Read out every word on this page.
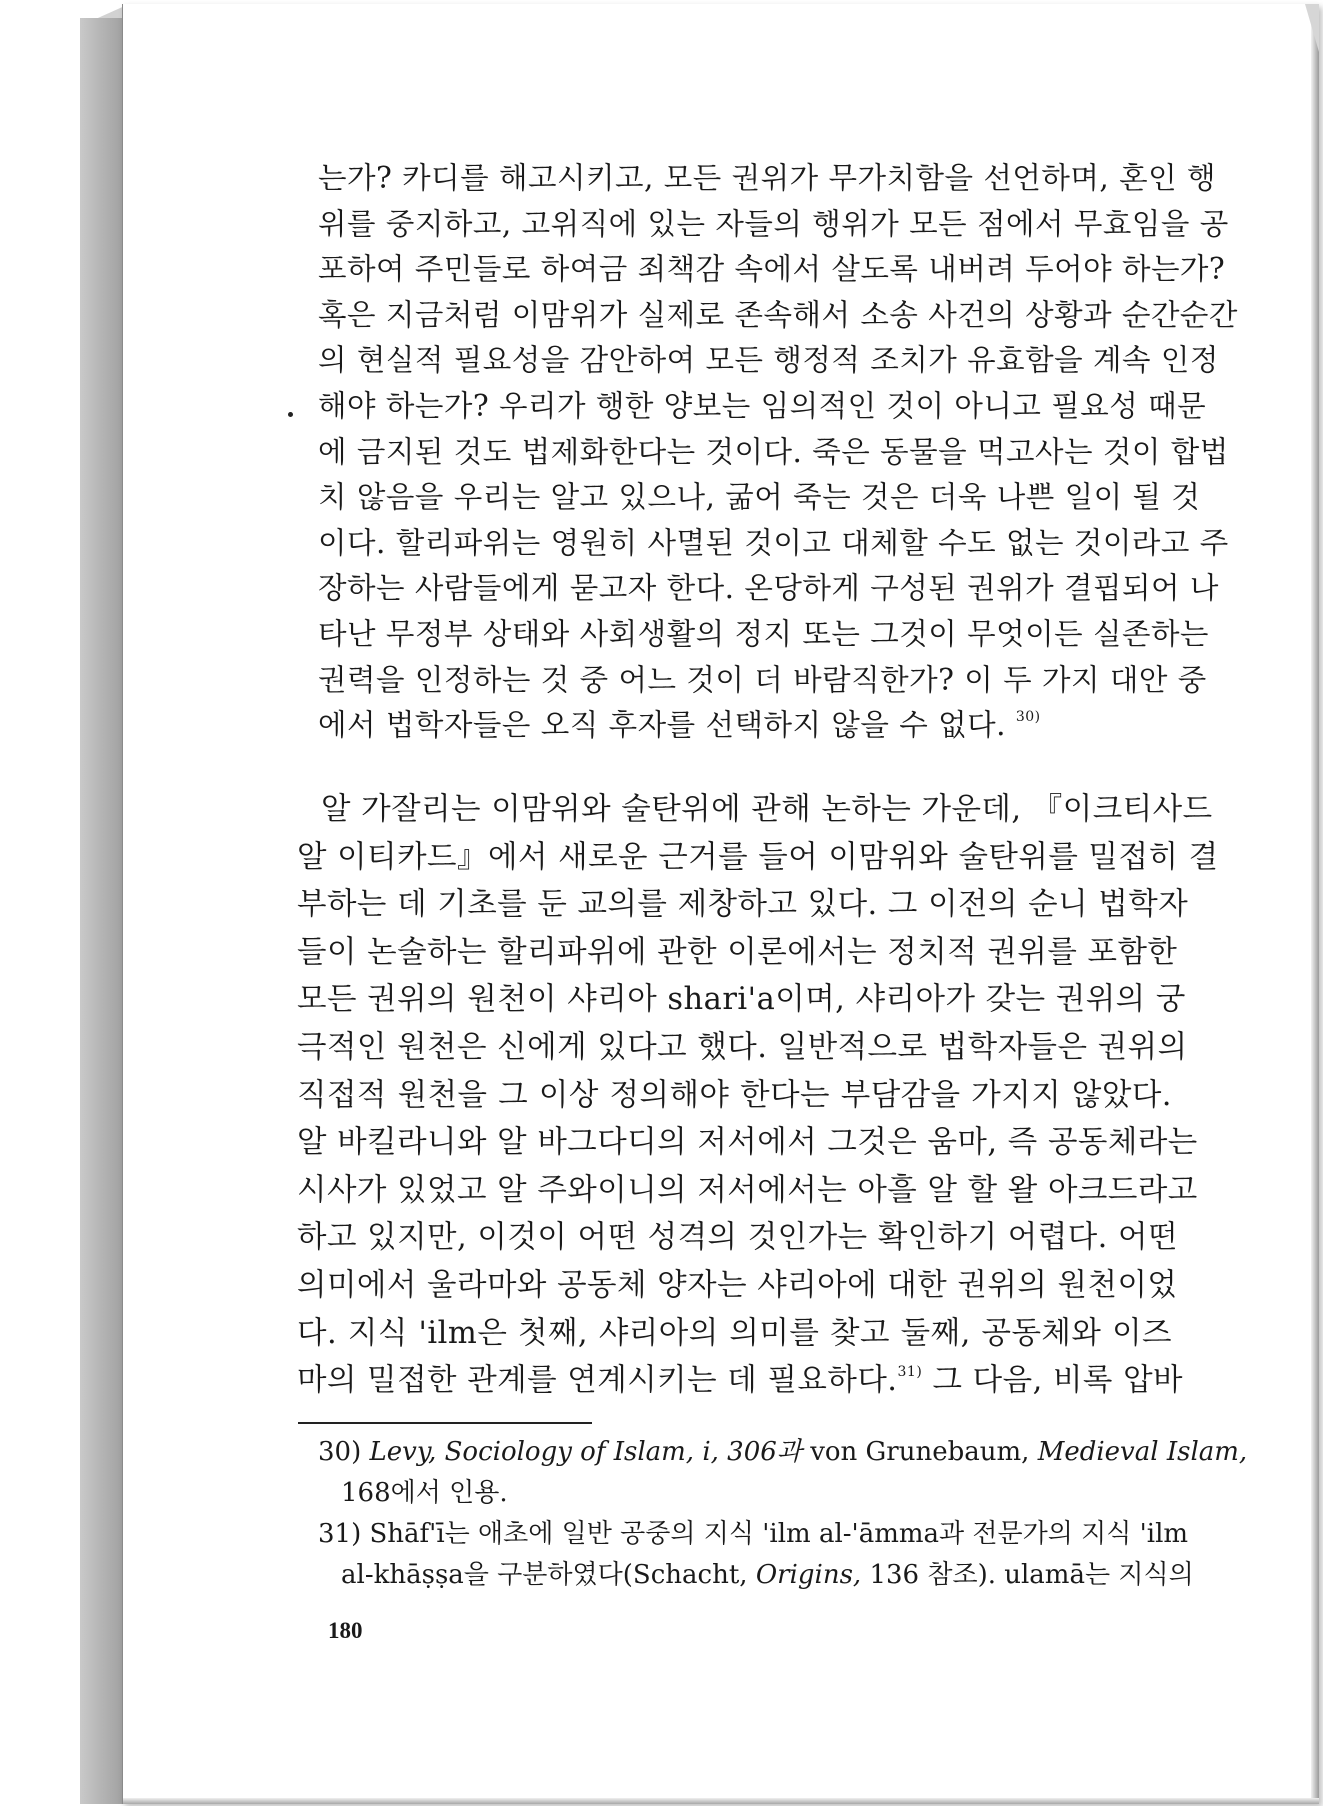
는가? 카디를 해고시키고, 모든 권위가 무가치함을 선언하며, 혼인 행
위를 중지하고, 고위직에 있는 자들의 행위가 모든 점에서 무효임을 공
포하여 주민들로 하여금 죄책감 속에서 살도록 내버려 두어야 하는가?
혹은 지금처럼 이맘위가 실제로 존속해서 소송 사건의 상황과 순간순간
의 현실적 필요성을 감안하여 모든 행정적 조치가 유효함을 계속 인정
해야 하는가? 우리가 행한 양보는 임의적인 것이 아니고 필요성 때문
에 금지된 것도 법제화한다는 것이다. 죽은 동물을 먹고사는 것이 합법
치 않음을 우리는 알고 있으나, 굶어 죽는 것은 더욱 나쁜 일이 될 것
이다. 할리파위는 영원히 사멸된 것이고 대체할 수도 없는 것이라고 주
장하는 사람들에게 묻고자 한다. 온당하게 구성된 권위가 결핍되어 나
타난 무정부 상태와 사회생활의 정지 또는 그것이 무엇이든 실존하는
권력을 인정하는 것 중 어느 것이 더 바람직한가? 이 두 가지 대안 중
에서 법학자들은 오직 후자를 선택하지 않을 수 없다. $^{30)}$
알 가잘리는 이맘위와 술탄위에 관해 논하는 가운데, 『이크티사드
알 이티카드』에서 새로운 근거를 들어 이맘위와 술탄위를 밀접히 결
부하는 데 기초를 둔 교의를 제창하고 있다. 그 이전의 순니 법학자
들이 논술하는 할리파위에 관한 이론에서는 정치적 권위를 포함한
모든 권위의 원천이 샤리아 shari'a이며, 샤리아가 갖는 권위의 궁
극적인 원천은 신에게 있다고 했다. 일반적으로 법학자들은 권위의
직접적 원천을 그 이상 정의해야 한다는 부담감을 가지지 않았다.
알 바킬라니와 알 바그다디의 저서에서 그것은 움마, 즉 공동체라는
시사가 있었고 알 주와이니의 저서에서는 아흘 알 할 왈 아크드라고
하고 있지만, 이것이 어떤 성격의 것인가는 확인하기 어렵다. 어떤
의미에서 울라마와 공동체 양자는 샤리아에 대한 권위의 원천이었
다. 지식 'ilm은 첫째, 샤리아의 의미를 찾고 둘째, 공동체와 이즈
마의 밀접한 관계를 연계시키는 데 필요하다.$^{31)}$ 그 다음, 비록 압바
30) Levy, Sociology of Islam, i, 306과 von Grunebaum, Medieval Islam,
168에서 인용.
31) Shāf'ī는 애초에 일반 공중의 지식 'ilm al-'āmma과 전문가의 지식 'ilm
al-khāṣṣa을 구분하였다(Schacht, Origins, 136 참조). ulamā는 지식의
180
